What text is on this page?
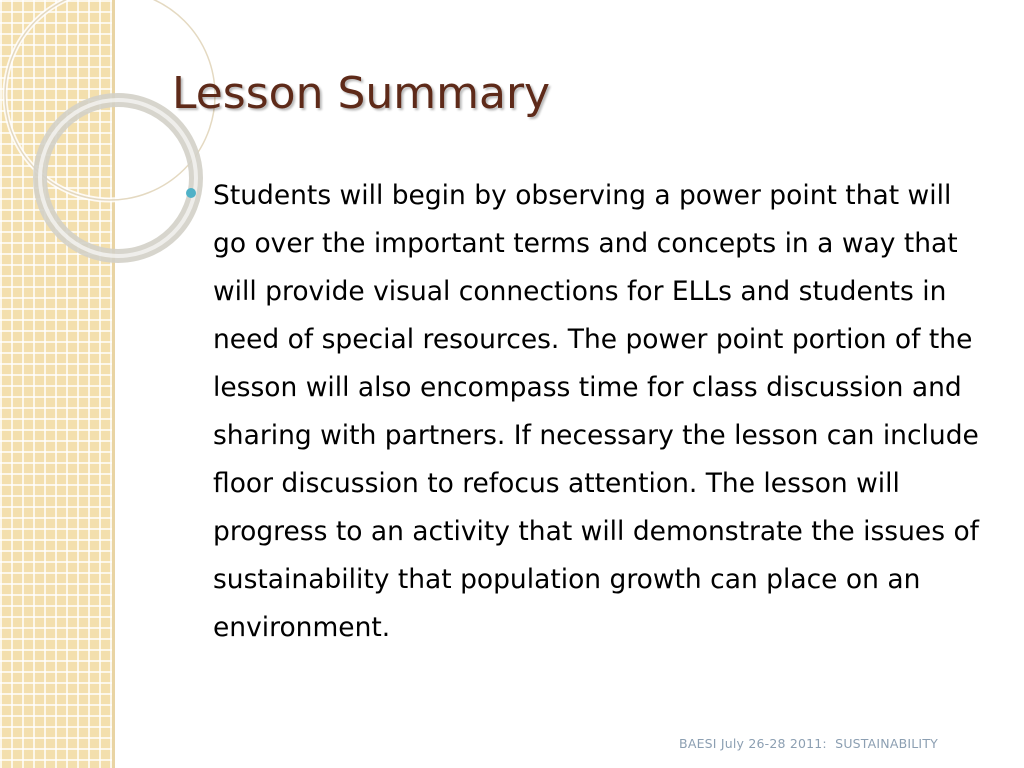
Lesson Summary
Students will begin by observing a power point that will go over the important terms and concepts in a way that will provide visual connections for ELLs and students in need of special resources. The power point portion of the lesson will also encompass time for class discussion and sharing with partners. If necessary the lesson can include floor discussion to refocus attention. The lesson will progress to an activity that will demonstrate the issues of sustainability that population growth can place on an environment.
BAESI July 26-28 2011:  SUSTAINABILITY
